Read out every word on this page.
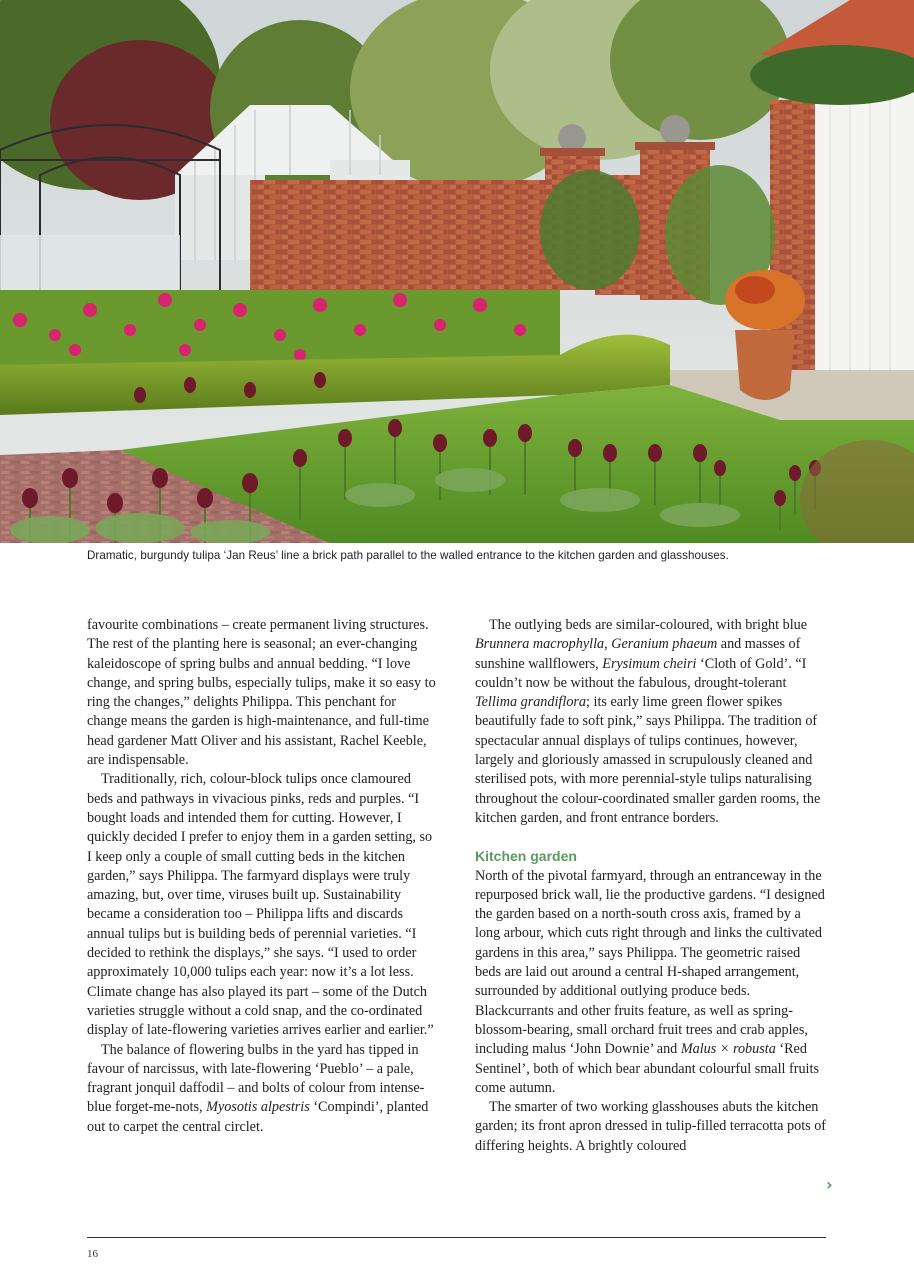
Dramatic, burgundy tulipa ‘Jan Reus’ line a brick path parallel to the walled entrance to the kitchen garden and glasshouses.

favourite combinations – create permanent living structures. The rest of the planting here is seasonal; an ever-changing kaleidoscope of spring bulbs and annual bedding. “I love change, and spring bulbs, especially tulips, make it so easy to ring the changes,” delights Philippa. This penchant for change means the garden is high-maintenance, and full-time head gardener Matt Oliver and his assistant, Rachel Keeble, are indispensable.

Traditionally, rich, colour-block tulips once clamoured beds and pathways in vivacious pinks, reds and purples. “I bought loads and intended them for cutting. However, I quickly decided I prefer to enjoy them in a garden setting, so I keep only a couple of small cutting beds in the kitchen garden,” says Philippa. The farmyard displays were truly amazing, but, over time, viruses built up. Sustainability became a consideration too – Philippa lifts and discards annual tulips but is building beds of perennial varieties. “I decided to rethink the displays,” she says. “I used to order approximately 10,000 tulips each year: now it’s a lot less. Climate change has also played its part – some of the Dutch varieties struggle without a cold snap, and the co-ordinated display of late-flowering varieties arrives earlier and earlier.”

The balance of flowering bulbs in the yard has tipped in favour of narcissus, with late-flowering ‘Pueblo’ – a pale, fragrant jonquil daffodil – and bolts of colour from intense-blue forget-me-nots, Myosotis alpestris ‘Compindi’, planted out to carpet the central circlet.

The outlying beds are similar-coloured, with bright blue Brunnera macrophylla, Geranium phaeum and masses of sunshine wallflowers, Erysimum cheiri ‘Cloth of Gold’. “I couldn’t now be without the fabulous, drought-tolerant Tellima grandiflora; its early lime green flower spikes beautifully fade to soft pink,” says Philippa. The tradition of spectacular annual displays of tulips continues, however, largely and gloriously amassed in scrupulously cleaned and sterilised pots, with more perennial-style tulips naturalising throughout the colour-coordinated smaller garden rooms, the kitchen garden, and front entrance borders.

Kitchen garden

North of the pivotal farmyard, through an entranceway in the repurposed brick wall, lie the productive gardens. “I designed the garden based on a north-south cross axis, framed by a long arbour, which cuts right through and links the cultivated gardens in this area,” says Philippa. The geometric raised beds are laid out around a central H-shaped arrangement, surrounded by additional outlying produce beds. Blackcurrants and other fruits feature, as well as spring-blossom-bearing, small orchard fruit trees and crab apples, including malus ‘John Downie’ and Malus × robusta ‘Red Sentinel’, both of which bear abundant colourful small fruits come autumn.

The smarter of two working glasshouses abuts the kitchen garden; its front apron dressed in tulip-filled terracotta pots of differing heights. A brightly coloured

›
16
